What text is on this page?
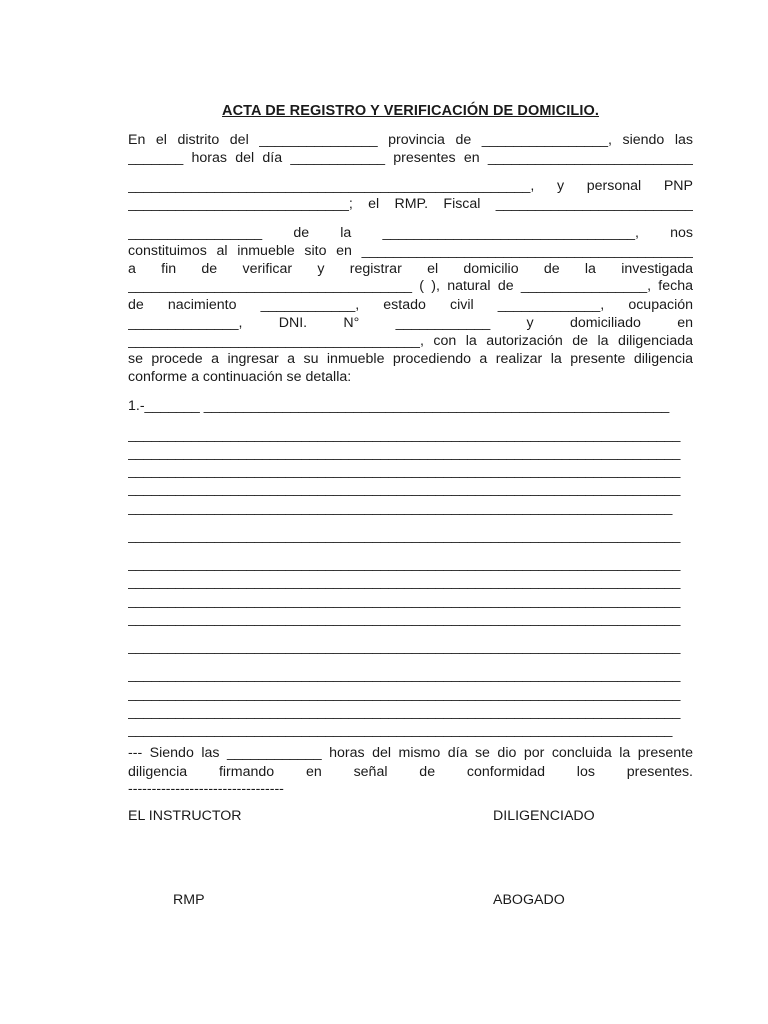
ACTA DE REGISTRO Y VERIFICACIÓN DE DOMICILIO.
En el distrito del _______________ provincia de ________________, siendo las
_______ horas del día ____________ presentes en __________________________
___________________________________________________, y personal PNP
____________________________; el RMP. Fiscal _________________________
_________________ de la ________________________________, nos
constituimos al inmueble sito en __________________________________________
a fin de verificar y registrar el domicilio de la investigada
____________________________________ ( ), natural de ________________, fecha
de nacimiento ____________, estado civil _____________, ocupación
______________, DNI. N° ____________ y domiciliado en
_____________________________________, con la autorización de la diligenciada
se procede a ingresar a su inmueble procediendo a realizar la presente diligencia
conforme a continuación se detalla:
1.-_______ ___________________________________________________________
______________________________________________________________________
______________________________________________________________________
______________________________________________________________________
______________________________________________________________________
_____________________________________________________________________
______________________________________________________________________
______________________________________________________________________
______________________________________________________________________
______________________________________________________________________
______________________________________________________________________
______________________________________________________________________
______________________________________________________________________
______________________________________________________________________
______________________________________________________________________
_____________________________________________________________________
--- Siendo las ____________ horas del mismo día se dio por concluida la presente
diligencia firmando en señal de conformidad los presentes.
---------------------------------
EL INSTRUCTOR	DILIGENCIADO
RMP	ABOGADO
